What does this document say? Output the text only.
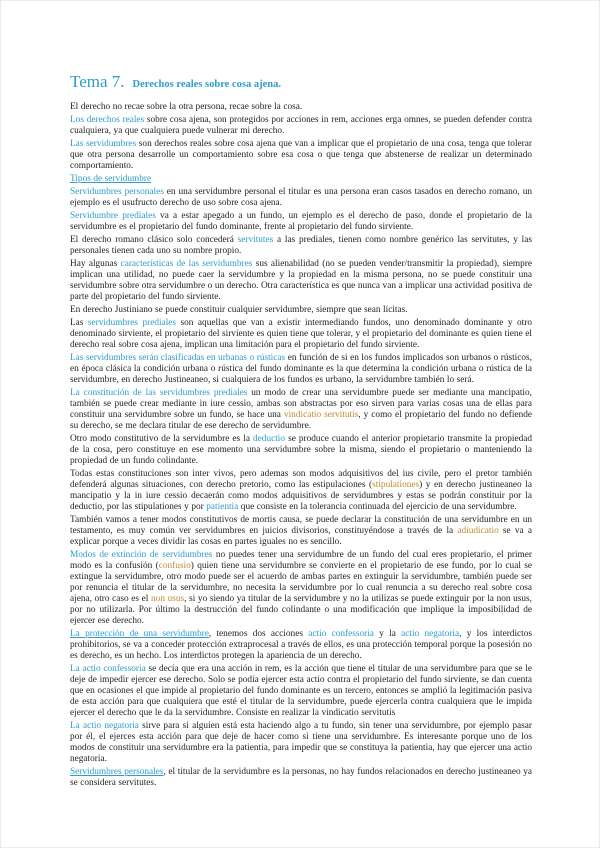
Tema 7. Derechos reales sobre cosa ajena.

El derecho no recae sobre la otra persona, recae sobre la cosa.

Los derechos reales sobre cosa ajena, son protegidos por acciones in rem, acciones erga omnes, se pueden defender contra cualquiera, ya que cualquiera puede vulnerar mi derecho.

Las servidumbres son derechos reales sobre cosa ajena que van a implicar que el propietario de una cosa, tenga que tolerar que otra persona desarrolle un comportamiento sobre esa cosa o que tenga que abstenerse de realizar un determinado comportamiento.

Tipos de servidumbre

Servidumbres personales en una servidumbre personal el titular es una persona eran casos tasados en derecho romano, un ejemplo es el usufructo derecho de uso sobre cosa ajena.

Servidumbre prediales va a estar apegado a un fundo, un ejemplo es el derecho de paso, donde el propietario de la servidumbre es el propietario del fundo dominante, frente al propietario del fundo sirviente.

El derecho romano clásico solo concederá servitutes a las prediales, tienen como nombre genérico las servitutes, y las personales tienen cada uno su nombre propio.

Hay algunas características de las servidumbres sus alienabilidad (no se pueden vender/transmitir la propiedad), siempre implican una utilidad, no puede caer la servidumbre y la propiedad en la misma persona, no se puede constituir una servidumbre sobre otra servidumbre o un derecho. Otra característica es que nunca van a implicar una actividad positiva de parte del propietario del fundo sirviente.

En derecho Justiniano se puede constituir cualquier servidumbre, siempre que sean lícitas.

Las servidumbres prediales son aquellas que van a existir intermediando fundos, uno denominado dominante y otro denominado sirviente, el propietario del sirviente es quien tiene que tolerar, y el propietario del dominante es quien tiene el derecho real sobre cosa ajena, implican una limitación para el propietario del fundo sirviente.

Las servidumbres serán clasificadas en urbanas o rústicas en función de si en los fundos implicados son urbanos o rústicos, en época clásica la condición urbana o rústica del fundo dominante es la que determina la condición urbana o rústica de la servidumbre, en derecho Justineaneo, si cualquiera de los fundos es urbano, la servidumbre también lo será.

La constitución de las servidumbres prediales un modo de crear una servidumbre puede ser mediante una mancipatio, también se puede crear mediante in iure cessio, ambas son abstractas por eso sirven para varias cosas una de ellas para constituir una servidumbre sobre un fundo, se hace una vindicatio servitutis, y como el propietario del fundo no defiende su derecho, se me declara titular de ese derecho de servidumbre.

Otro modo constitutivo de la servidumbre es la deductio se produce cuando el anterior propietario transmite la propiedad de la cosa, pero constituye en ese momento una servidumbre sobre la misma, siendo el propietario o manteniendo la propiedad de un fundo colindante.

Todas estas constituciones son inter vivos, pero ademas son modos adquisitivos del ius civile, pero el pretor también defenderá algunas situaciones, con derecho pretorio, como las estipulaciones (stipulationes) y en derecho justineaneo la mancipatio y la in iure cessio decaerán como modos adquisitivos de servidumbres y estas se podrán constituir por la deductio, por las stipulationes y por patientia que consiste en la tolerancia continuada del ejercicio de una servidumbre.

También vamos a tener modos constitutivos de mortis causa, se puede declarar la constitución de una servidumbre en un testamento, es muy común ver servidumbres en juicios divisorios, constituyéndose a través de la adiudicatio se va a explicar porque a veces dividir las cosas en partes iguales no es sencillo.

Modos de extinción de servidumbres no puedes tener una servidumbre de un fundo del cual eres propietario, el primer modo es la confusión (confusio) quien tiene una servidumbre se convierte en el propietario de ese fundo, por lo cual se extingue la servidumbre, otro modo puede ser el acuerdo de ambas partes en extinguir la servidumbre, también puede ser por renuncia el titular de la servidumbre, no necesita la servidumbre por lo cual renuncia a su derecho real sobre cosa ajena, otro caso es el non usus, si yo siendo ya titular de la servidumbre y no la utilizas se puede extinguir por la non usus, por no utilizarla. Por último la destrucción del fundo colindante o una modificación que implique la imposibilidad de ejercer ese derecho.

La protección de una servidumbre, tenemos dos acciones actio confessoria y la actio negatoria, y los interdictos prohibitorios, se va a conceder protección extraprocesal a través de ellos, es una protección temporal porque la posesión no es derecho, es un hecho. Los interdictos protegen la apariencia de un derecho.

La actio confessoria se decía que era una acción in rem, es la acción que tiene el titular de una servidumbre para que se le deje de impedir ejercer ese derecho. Solo se podía ejercer esta actio contra el propietario del fundo sirviente, se dan cuenta que en ocasiones el que impide al propietario del fundo dominante es un tercero, entonces se amplió la legitimación pasiva de esta acción para que cualquiera que esté el titular de la servidumbre, puede ejercerla contra cualquiera que le impida ejercer el derecho que le da la servidumbre. Consiste en realizar la vindicatio servitutis

La actio negatoria sirve para si alguien está esta haciendo algo a tu fundo, sin tener una servidumbre, por ejemplo pasar por él, el ejerces esta acción para que deje de hacer como si tiene una servidumbre. Es interesante porque uno de los modos de constituir una servidumbre era la patientia, para impedir que se constituya la patientia, hay que ejercer una actio negatoria.

Servidumbres personales, el titular de la servidumbre es la personas, no hay fundos relacionados en derecho justineaneo ya se considera servitutes.
